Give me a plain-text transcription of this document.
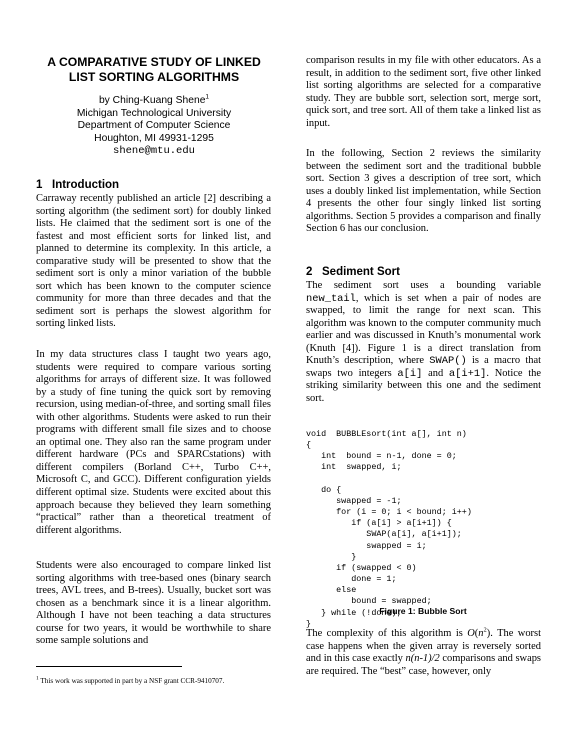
A COMPARATIVE STUDY OF LINKED
LIST SORTING ALGORITHMS
by Ching-Kuang Shene$^1$
Michigan Technological University
Department of Computer Science
Houghton, MI 49931-1295
shene@mtu.edu
1 Introduction

Carraway recently published an article [2] describing a sorting algorithm (the sediment sort) for doubly linked lists. He claimed that the sediment sort is one of the fastest and most efficient sorts for linked list, and planned to determine its complexity. In this article, a comparative study will be presented to show that the sediment sort is only a minor variation of the bubble sort which has been known to the computer science community for more than three decades and that the sediment sort is perhaps the slowest algorithm for sorting linked lists.

In my data structures class I taught two years ago, students were required to compare various sorting algorithms for arrays of different size. It was followed by a study of fine tuning the quick sort by removing recursion, using median-of-three, and sorting small files with other algorithms. Students were asked to run their programs with different small file sizes and to choose an optimal one. They also ran the same program under different hardware (PCs and SPARCstations) with different compilers (Borland C++, Turbo C++, Microsoft C, and GCC). Different configuration yields different optimal size. Students were excited about this approach because they believed they learn something “practical” rather than a theoretical treatment of different algorithms.

Students were also encouraged to compare linked list sorting algorithms with tree-based ones (binary search trees, AVL trees, and B-trees). Usually, bucket sort was chosen as a benchmark since it is a linear algorithm. Although I have not been teaching a data structures course for two years, it would be worthwhile to share some sample solutions and

$^1$ This work was supported in part by a NSF grant CCR-9410707.

comparison results in my file with other educators. As a result, in addition to the sediment sort, five other linked list sorting algorithms are selected for a comparative study. They are bubble sort, selection sort, merge sort, quick sort, and tree sort. All of them take a linked list as input.

In the following, Section 2 reviews the similarity between the sediment sort and the traditional bubble sort. Section 3 gives a description of tree sort, which uses a doubly linked list implementation, while Section 4 presents the other four singly linked list sorting algorithms. Section 5 provides a comparison and finally Section 6 has our conclusion.

2 Sediment Sort

The sediment sort uses a bounding variable new_tail, which is set when a pair of nodes are swapped, to limit the range for next scan. This algorithm was known to the computer community much earlier and was discussed in Knuth’s monumental work (Knuth [4]). Figure 1 is a direct translation from Knuth’s description, where SWAP() is a macro that swaps two integers a[i] and a[i+1]. Notice the striking similarity between this one and the sediment sort.

void  BUBBLEsort(int a[], int n)
{
int  bound = n-1, done = 0;
int  swapped, i;

do {
swapped = -1;
for (i = 0; i < bound; i++)
if (a[i] > a[i+1]) {
SWAP(a[i], a[i+1]);
swapped = i;
}
if (swapped < 0)
done = 1;
else
bound = swapped;
} while (!done);
}
Figure 1: Bubble Sort

The complexity of this algorithm is $O(n^2)$. The worst case happens when the given array is reversely sorted and in this case exactly n(n-1)/2 comparisons and swaps are required. The “best” case, however, only
